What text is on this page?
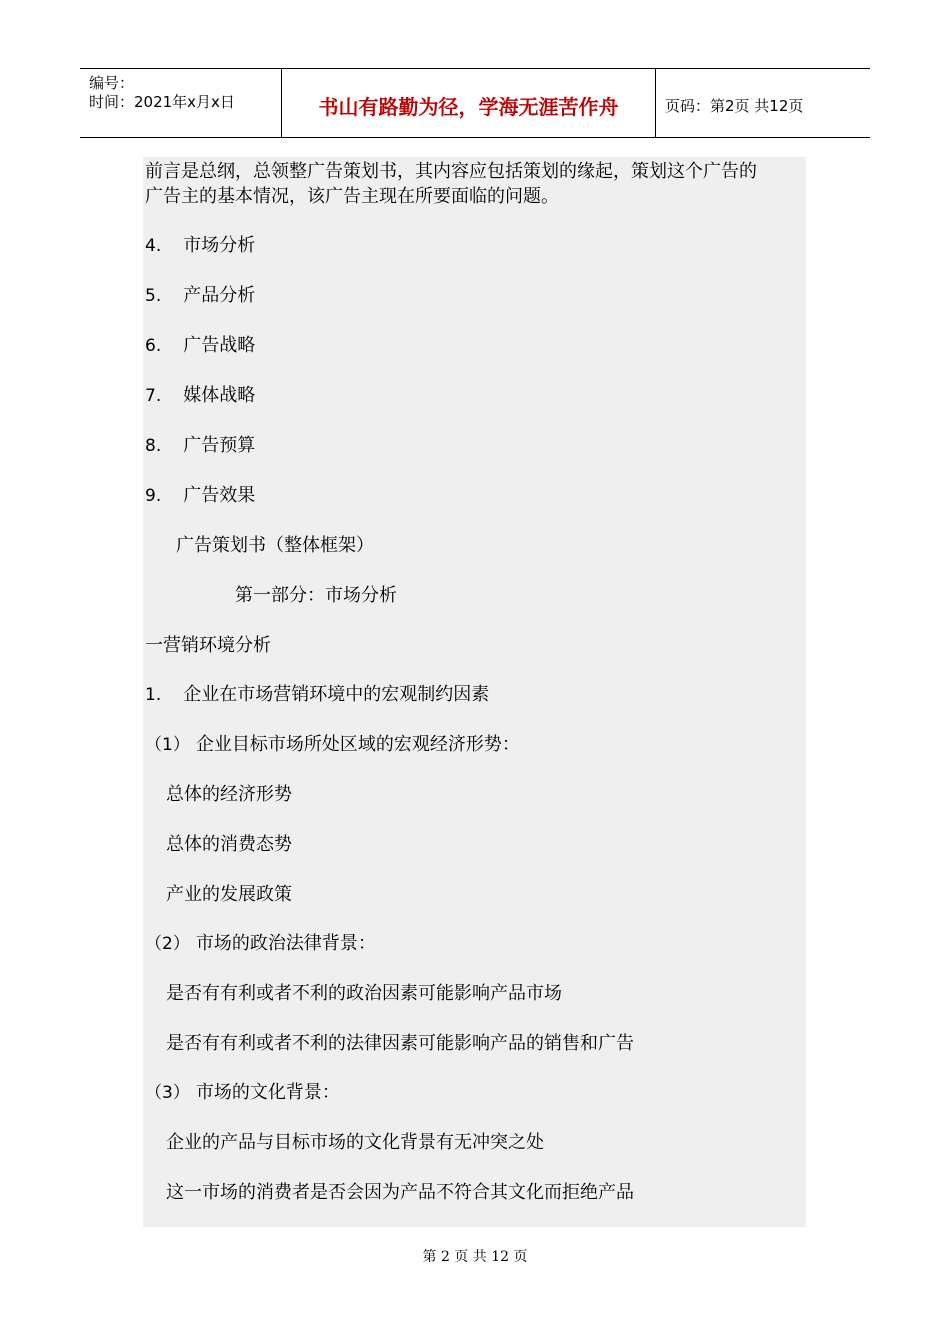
编号：
时间：2021年x月x日	书山有路勤为径，学海无涯苦作舟	页码：第2页 共12页
前言是总纲，总领整广告策划书，其内容应包括策划的缘起，策划这个广告的
广告主的基本情况，该广告主现在所要面临的问题。
4. 市场分析
5. 产品分析
6. 广告战略
7. 媒体战略
8. 广告预算
9. 广告效果
广告策划书（整体框架）
第一部分：市场分析
一营销环境分析
1. 企业在市场营销环境中的宏观制约因素
（1） 企业目标市场所处区域的宏观经济形势：
总体的经济形势
总体的消费态势
产业的发展政策
（2） 市场的政治法律背景：
是否有有利或者不利的政治因素可能影响产品市场
是否有有利或者不利的法律因素可能影响产品的销售和广告
（3） 市场的文化背景：
企业的产品与目标市场的文化背景有无冲突之处
这一市场的消费者是否会因为产品不符合其文化而拒绝产品
第 2 页 共 12 页
